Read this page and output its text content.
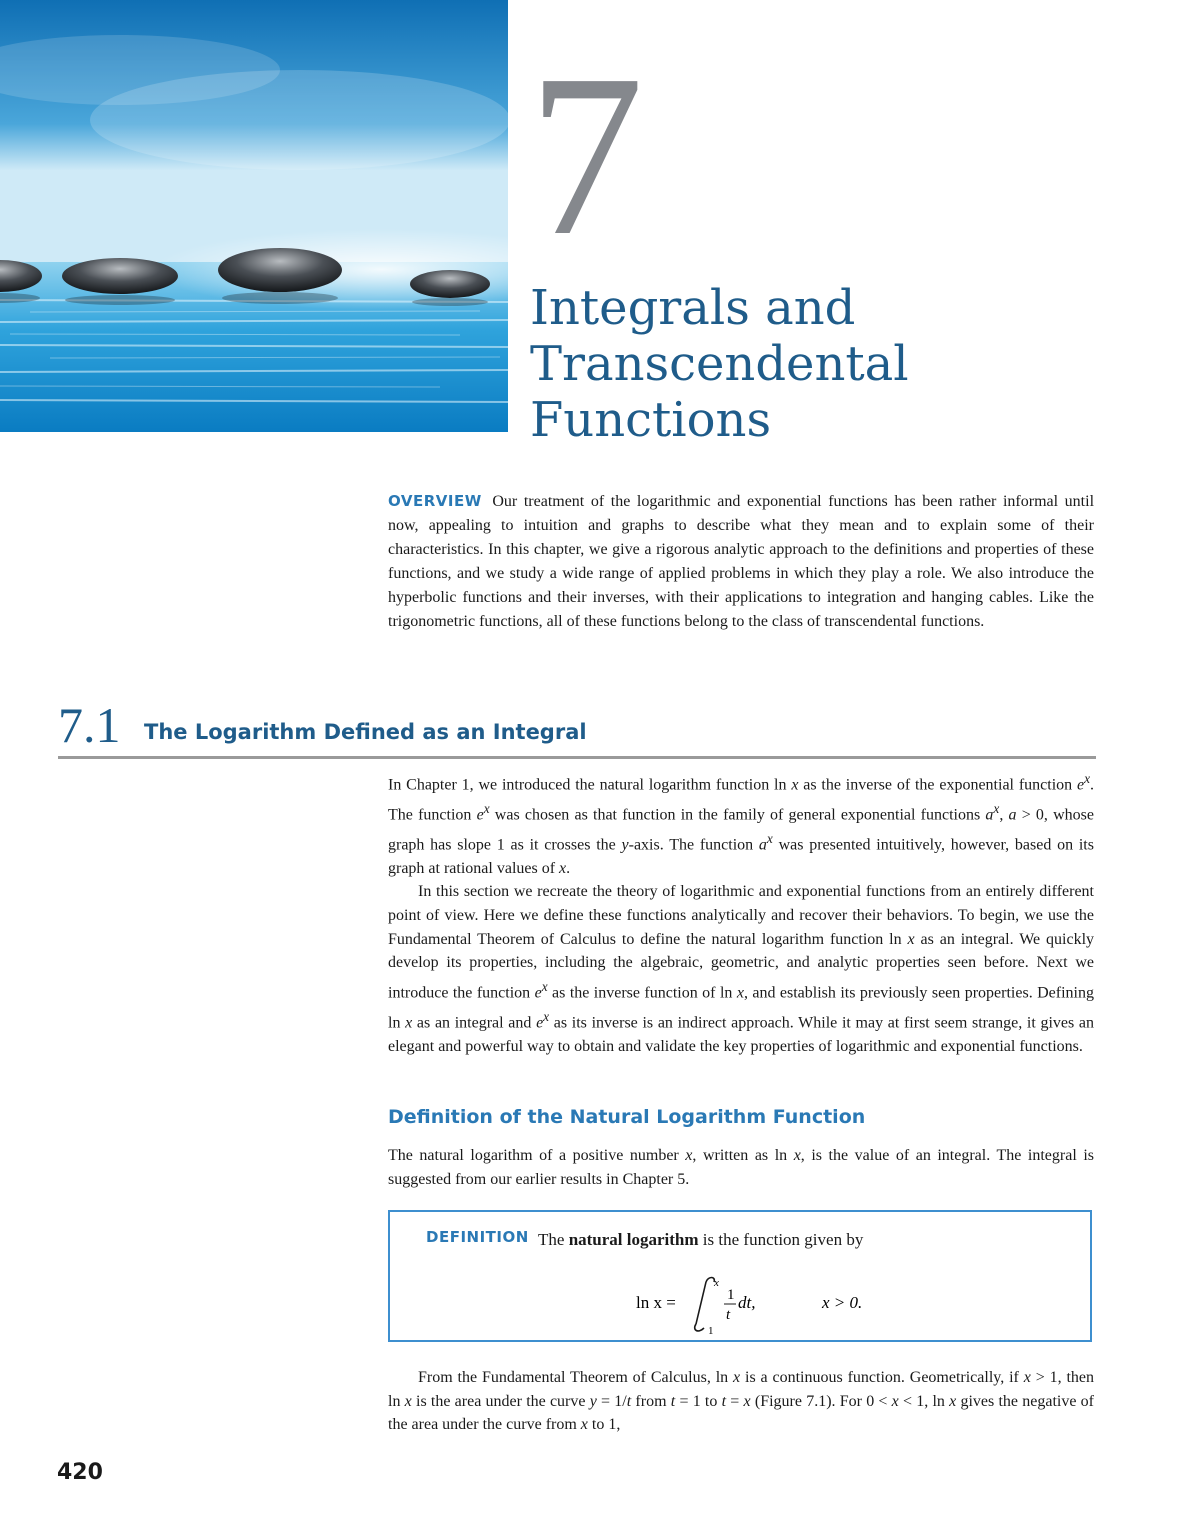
7
Integrals and
Transcendental
Functions
OVERVIEW Our treatment of the logarithmic and exponential functions has been rather informal until now, appealing to intuition and graphs to describe what they mean and to explain some of their characteristics. In this chapter, we give a rigorous analytic approach to the definitions and properties of these functions, and we study a wide range of applied problems in which they play a role. We also introduce the hyperbolic functions and their inverses, with their applications to integration and hanging cables. Like the trigonometric functions, all of these functions belong to the class of transcendental functions.
7.1 The Logarithm Defined as an Integral

In Chapter 1, we introduced the natural logarithm function ln x as the inverse of the exponential function $e^x$. The function $e^x$ was chosen as that function in the family of general exponential functions $a^x$, a > 0, whose graph has slope 1 as it crosses the y-axis. The function $a^x$ was presented intuitively, however, based on its graph at rational values of x.

In this section we recreate the theory of logarithmic and exponential functions from an entirely different point of view. Here we define these functions analytically and recover their behaviors. To begin, we use the Fundamental Theorem of Calculus to define the natural logarithm function ln x as an integral. We quickly develop its properties, including the algebraic, geometric, and analytic properties seen before. Next we introduce the function $e^x$ as the inverse function of ln x, and establish its previously seen properties. Defining ln x as an integral and $e^x$ as its inverse is an indirect approach. While it may at first seem strange, it gives an elegant and powerful way to obtain and validate the key properties of logarithmic and exponential functions.

Definition of the Natural Logarithm Function

The natural logarithm of a positive number x, written as ln x, is the value of an integral. The integral is suggested from our earlier results in Chapter 5.

DEFINITION The natural logarithm is the function given by
ln x =
x
1
1
t
dt,	x > 0.

From the Fundamental Theorem of Calculus, ln x is a continuous function. Geometrically, if x > 1, then ln x is the area under the curve y = 1/t from t = 1 to t = x (Figure 7.1). For 0 < x < 1, ln x gives the negative of the area under the curve from x to 1,

420
